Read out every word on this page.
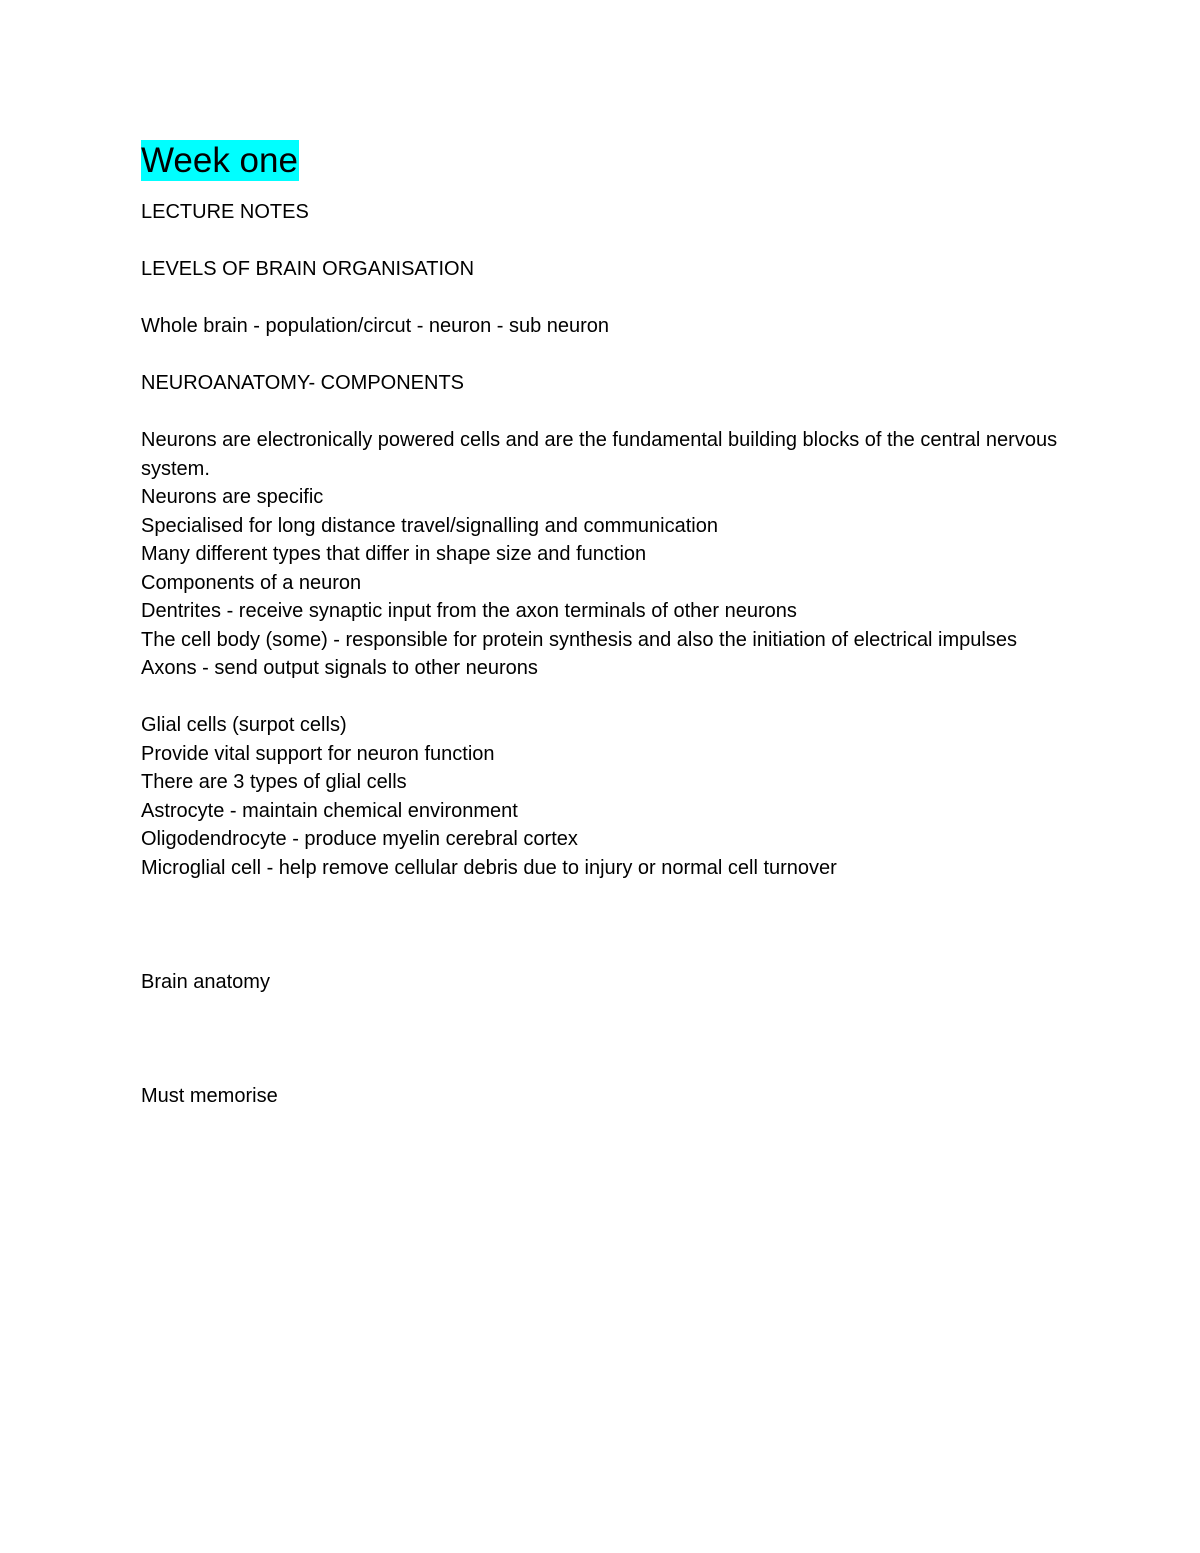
Week one

LECTURE NOTES

LEVELS OF BRAIN ORGANISATION

Whole brain - population/circut - neuron - sub neuron

NEUROANATOMY- COMPONENTS

Neurons are electronically powered cells and are the fundamental building blocks of the central nervous system.

Neurons are specific

Specialised for long distance travel/signalling and communication

Many different types that differ in shape size and function

Components of a neuron

Dentrites - receive synaptic input from the axon terminals of other neurons

The cell body (some) - responsible for protein synthesis and also the initiation of electrical impulses

Axons - send output signals to other neurons

Glial cells (surpot cells)

Provide vital support for neuron function

There are 3 types of glial cells

Astrocyte - maintain chemical environment

Oligodendrocyte - produce myelin cerebral cortex

Microglial cell - help remove cellular debris due to injury or normal cell turnover

Brain anatomy

Must memorise
